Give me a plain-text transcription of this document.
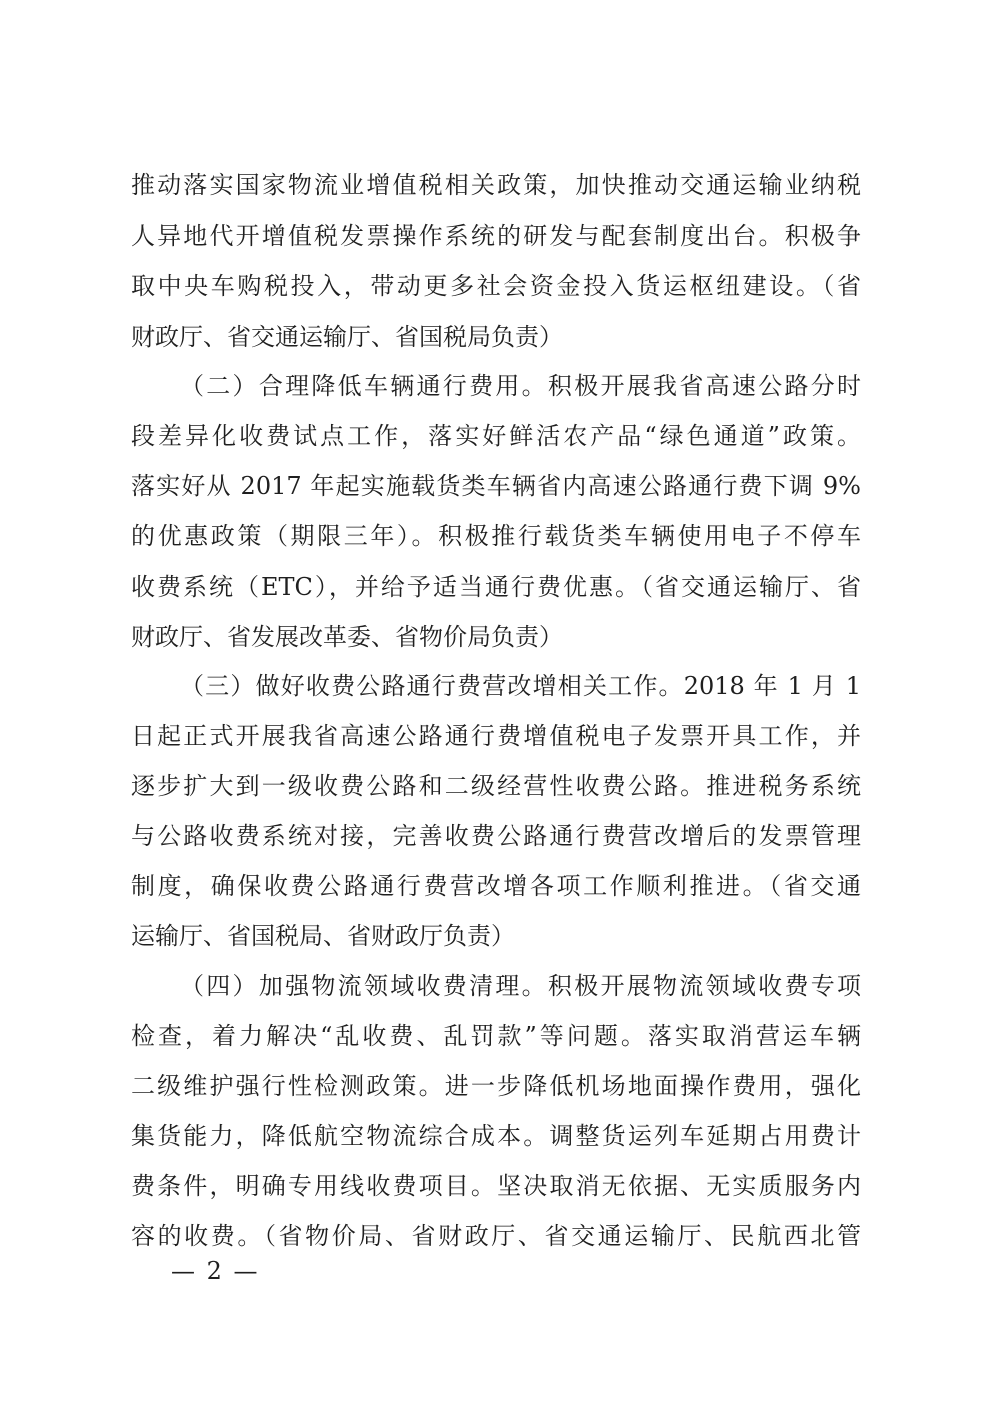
推动落实国家物流业增值税相关政策，加快推动交通运输业纳税
人异地代开增值税发票操作系统的研发与配套制度出台。积极争
取中央车购税投入，带动更多社会资金投入货运枢纽建设。（省
财政厅、省交通运输厅、省国税局负责）
（二）合理降低车辆通行费用。积极开展我省高速公路分时
段差异化收费试点工作，落实好鲜活农产品“绿色通道”政策。
落实好从 2017 年起实施载货类车辆省内高速公路通行费下调 9%
的优惠政策（期限三年）。积极推行载货类车辆使用电子不停车
收费系统（ETC），并给予适当通行费优惠。（省交通运输厅、省
财政厅、省发展改革委、省物价局负责）
（三）做好收费公路通行费营改增相关工作。2018 年 1 月 1
日起正式开展我省高速公路通行费增值税电子发票开具工作，并
逐步扩大到一级收费公路和二级经营性收费公路。推进税务系统
与公路收费系统对接，完善收费公路通行费营改增后的发票管理
制度，确保收费公路通行费营改增各项工作顺利推进。（省交通
运输厅、省国税局、省财政厅负责）
（四）加强物流领域收费清理。积极开展物流领域收费专项
检查，着力解决“乱收费、乱罚款”等问题。落实取消营运车辆
二级维护强行性检测政策。进一步降低机场地面操作费用，强化
集货能力，降低航空物流综合成本。调整货运列车延期占用费计
费条件，明确专用线收费项目。坚决取消无依据、无实质服务内
容的收费。（省物价局、省财政厅、省交通运输厅、民航西北管
— 2 —
